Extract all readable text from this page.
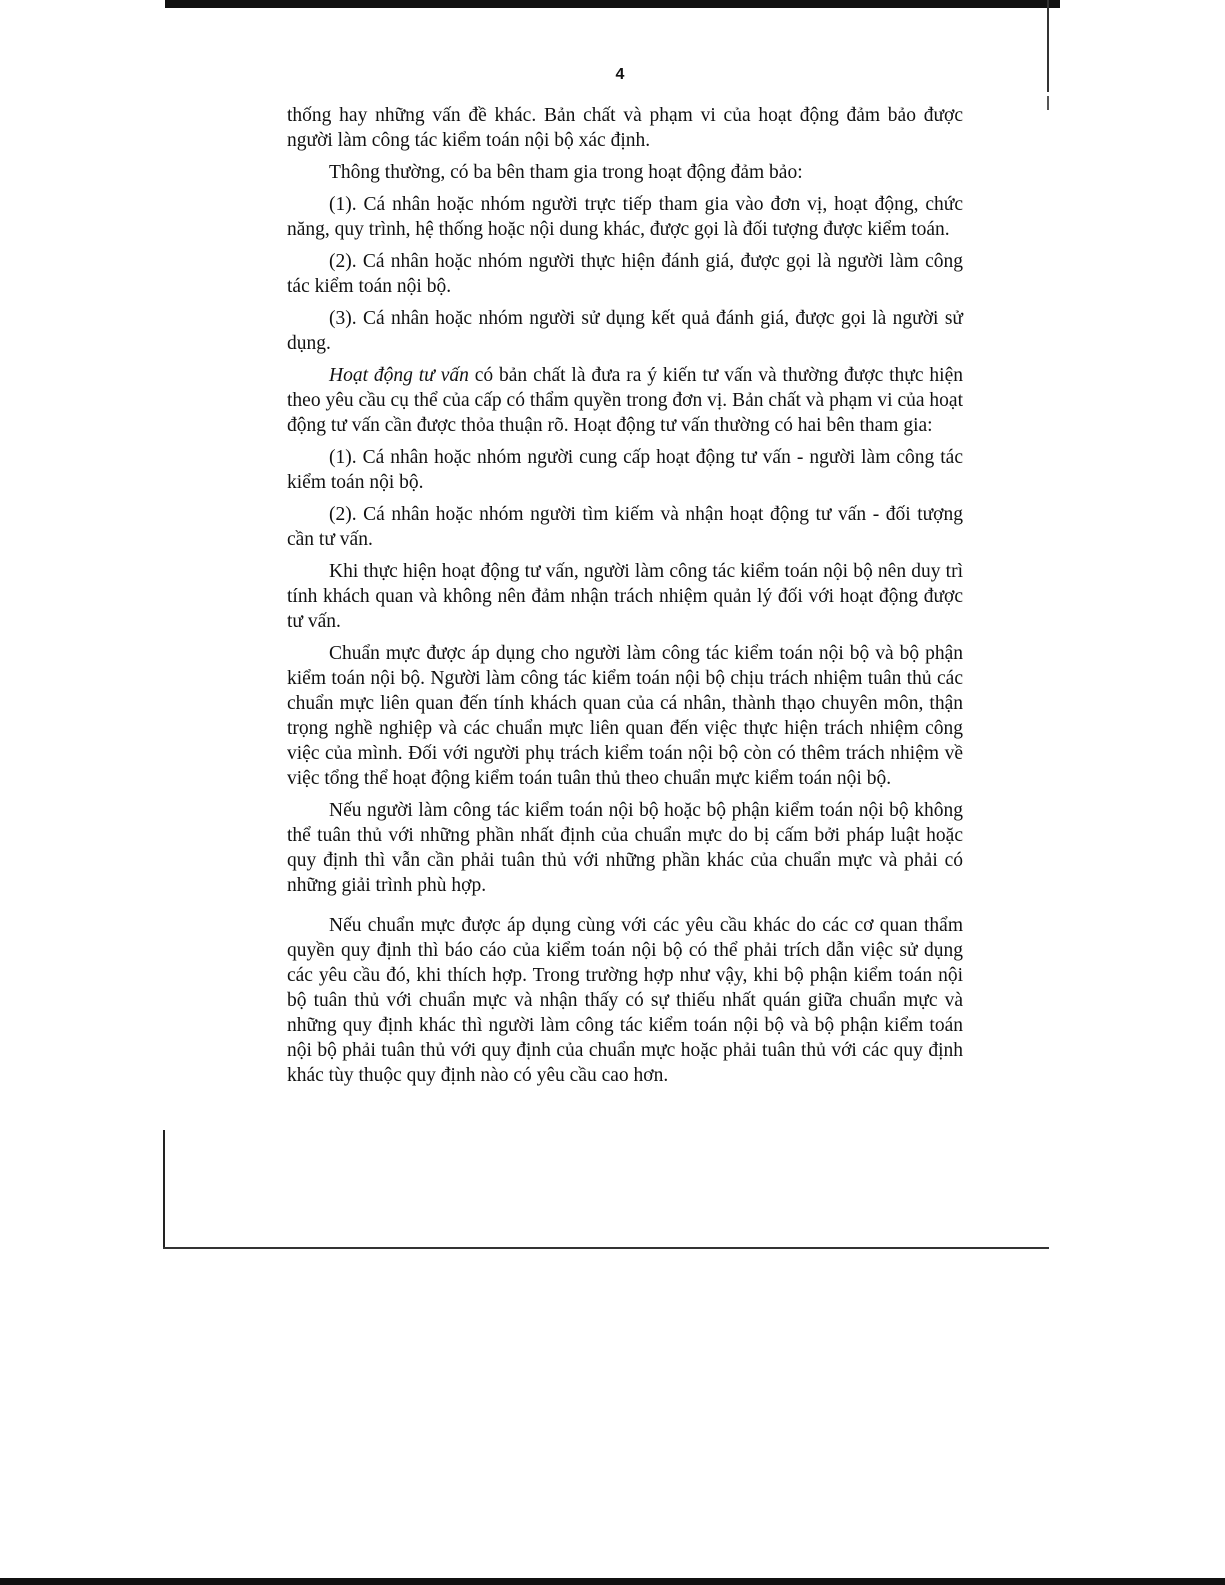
4

thống hay những vấn đề khác. Bản chất và phạm vi của hoạt động đảm bảo được người làm công tác kiểm toán nội bộ xác định.

Thông thường, có ba bên tham gia trong hoạt động đảm bảo:

(1). Cá nhân hoặc nhóm người trực tiếp tham gia vào đơn vị, hoạt động, chức năng, quy trình, hệ thống hoặc nội dung khác, được gọi là đối tượng được kiểm toán.

(2). Cá nhân hoặc nhóm người thực hiện đánh giá, được gọi là người làm công tác kiểm toán nội bộ.

(3). Cá nhân hoặc nhóm người sử dụng kết quả đánh giá, được gọi là người sử dụng.

Hoạt động tư vấn có bản chất là đưa ra ý kiến tư vấn và thường được thực hiện theo yêu cầu cụ thể của cấp có thẩm quyền trong đơn vị. Bản chất và phạm vi của hoạt động tư vấn cần được thỏa thuận rõ. Hoạt động tư vấn thường có hai bên tham gia:

(1). Cá nhân hoặc nhóm người cung cấp hoạt động tư vấn - người làm công tác kiểm toán nội bộ.

(2). Cá nhân hoặc nhóm người tìm kiếm và nhận hoạt động tư vấn - đối tượng cần tư vấn.

Khi thực hiện hoạt động tư vấn, người làm công tác kiểm toán nội bộ nên duy trì tính khách quan và không nên đảm nhận trách nhiệm quản lý đối với hoạt động được tư vấn.

Chuẩn mực được áp dụng cho người làm công tác kiểm toán nội bộ và bộ phận kiểm toán nội bộ. Người làm công tác kiểm toán nội bộ chịu trách nhiệm tuân thủ các chuẩn mực liên quan đến tính khách quan của cá nhân, thành thạo chuyên môn, thận trọng nghề nghiệp và các chuẩn mực liên quan đến việc thực hiện trách nhiệm công việc của mình. Đối với người phụ trách kiểm toán nội bộ còn có thêm trách nhiệm về việc tổng thể hoạt động kiểm toán tuân thủ theo chuẩn mực kiểm toán nội bộ.

Nếu người làm công tác kiểm toán nội bộ hoặc bộ phận kiểm toán nội bộ không thể tuân thủ với những phần nhất định của chuẩn mực do bị cấm bởi pháp luật hoặc quy định thì vẫn cần phải tuân thủ với những phần khác của chuẩn mực và phải có những giải trình phù hợp.

Nếu chuẩn mực được áp dụng cùng với các yêu cầu khác do các cơ quan thẩm quyền quy định thì báo cáo của kiểm toán nội bộ có thể phải trích dẫn việc sử dụng các yêu cầu đó, khi thích hợp. Trong trường hợp như vậy, khi bộ phận kiểm toán nội bộ tuân thủ với chuẩn mực và nhận thấy có sự thiếu nhất quán giữa chuẩn mực và những quy định khác thì người làm công tác kiểm toán nội bộ và bộ phận kiểm toán nội bộ phải tuân thủ với quy định của chuẩn mực hoặc phải tuân thủ với các quy định khác tùy thuộc quy định nào có yêu cầu cao hơn.
